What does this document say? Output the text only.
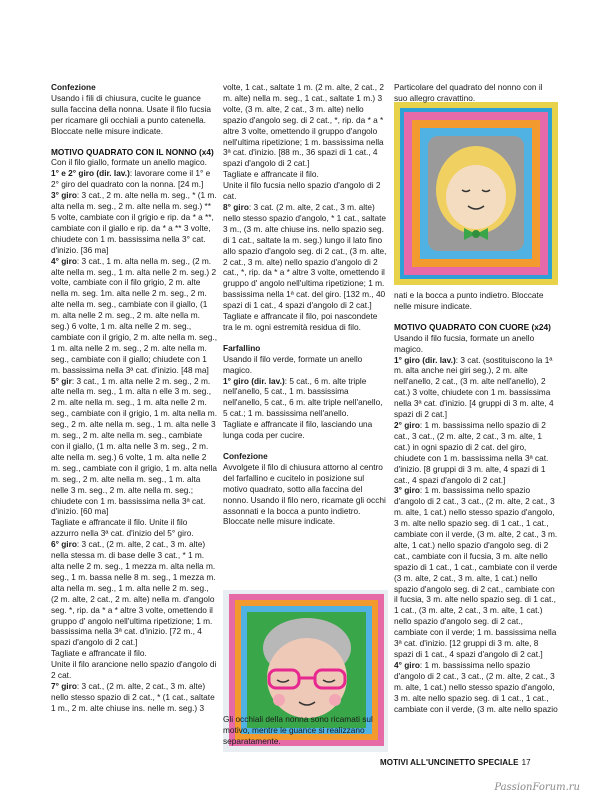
Confezione

Usando i fili di chiusura, cucite le guance sulla faccina della nonna. Usate il filo fucsia per ricamare gli occhiali a punto catenella. Bloccate nelle misure indicate.

MOTIVO QUADRATO CON IL NONNO (x4)

Con il filo giallo, formate un anello magico.

1° e 2° giro (dir. lav.): lavorare come il 1° e 2° giro del quadrato con la nonna. [24 m.]

3° giro: 3 cat., 2 m. alte nella m. seg., * (1 m. alta nella m. seg., 2 m. alte nella m. seg.) ** 5 volte, cambiate con il grigio e rip. da * a **, cambiate con il giallo e rip. da * a ** 3 volte, chiudete con 1 m. bassissima nella 3° cat. d'inizio. [36 ma]

4° giro: 3 cat., 1 m. alta nella m. seg., (2 m. alte nella m. seg., 1 m. alta nelle 2 m. seg.) 2 volte, cambiate con il filo grigio, 2 m. alte nella m. seg. 1m. alta nelle 2 m. seg., 2 m. alte nella m. seg., cambiate con il giallo, (1 m. alta nelle 2 m. seg., 2 m. alte nella m. seg.) 6 volte, 1 m. alta nelle 2 m. seg., cambiate con il grigio, 2 m. alte nella m. seg., 1 m. alta nelle 2 m. seg., 2 m. alte nella m. seg., cambiate con il giallo; chiudete con 1 m. bassissima nella 3ª cat. d'inizio. [48 ma]

5° gir: 3 cat., 1 m. alta nelle 2 m. seg., 2 m. alte nella m. seg., 1 m. alta n elle 3 m. seg., 2 m. alte nella m. seg., 1 m. alta nelle 2 m. seg., cambiate con il grigio, 1 m. alta nella m. seg., 2 m. alte nella m. seg., 1 m. alta nelle 3 m. seg., 2 m. alte nella m. seg., cambiate con il giallo, (1 m. alta nelle 3 m. seg., 2 m. alte nella m. seg.) 6 volte, 1 m. alta nelle 2 m. seg., cambiate con il grigio, 1 m. alta nella m. seg., 2 m. alte nella m. seg., 1 m. alta nelle 3 m. seg., 2 m. alte nella m. seg.; chiudete con 1 m. bassissima nella 3ª cat. d'inizio. [60 ma]

Tagliate e affrancate il filo. Unite il filo azzurro nella 3ª cat. d'inizio del 5° giro.

6° giro: 3 cat., (2 m. alte, 2 cat., 3 m. alte) nella stessa m. di base delle 3 cat., * 1 m. alta nelle 2 m. seg., 1 mezza m. alta nella m. seg., 1 m. bassa nelle 8 m. seg., 1 mezza m. alta nella m. seg., 1 m. alta nelle 2 m. seg., (2 m. alte, 2 cat., 2 m. alte) nella m. d'angolo seg. *, rip. da * a * altre 3 volte, omettendo il gruppo d' angolo nell'ultima ripetizione; 1 m. bassissima nella 3ª cat. d'inizio. [72 m., 4 spazi d'angolo di 2 cat.]

Tagliate e affrancate il filo.

Unite il filo arancione nello spazio d'angolo di 2 cat.

7° giro: 3 cat., (2 m. alte, 2 cat., 3 m. alte) nello stesso spazio di 2 cat., * (1 cat., saltate 1 m., 2 m. alte chiuse ins. nelle m. seg.) 3

volte, 1 cat., saltate 1 m. (2 m. alte, 2 cat., 2 m. alte) nella m. seg., 1 cat., saltate 1 m.) 3 volte, (3 m. alte, 2 cat., 3 m. alte) nello spazio d'angolo seg. di 2 cat., *, rip. da * a * altre 3 volte, omettendo il gruppo d'angolo nell'ultima ripetizione; 1 m. bassissima nella 3ª cat. d'inizio. [88 m., 36 spazi di 1 cat., 4 spazi d'angolo di 2 cat.]

Tagliate e affrancate il filo.

Unite il filo fucsia nello spazio d'angolo di 2 cat.

8° giro: 3 cat. (2 m. alte, 2 cat., 3 m. alte) nello stesso spazio d'angolo, * 1 cat., saltate 3 m., (3 m. alte chiuse ins. nello spazio seg. di 1 cat., saltate la m. seg.) lungo il lato fino allo spazio d'angolo seg. di 2 cat., (3 m. alte, 2 cat., 3 m. alte) nello spazio d'angolo di 2 cat., *, rip. da * a * altre 3 volte, omettendo il gruppo d' angolo nell'ultima ripetizione; 1 m. bassissima nella 1ª cat. del giro. [132 m., 40 spazi di 1 cat., 4 spazi d'angolo di 2 cat.]

Tagliate e affrancate il filo, poi nascondete tra le m. ogni estremità residua di filo.

Farfallino

Usando il filo verde, formate un anello magico.

1° giro (dir. lav.): 5 cat., 6 m. alte triple nell'anello, 5 cat., 1 m. bassissima nell'anello, 5 cat., 6 m. alte triple nell'anello, 5 cat.; 1 m. bassissima nell'anello.

Tagliate e affrancate il filo, lasciando una lunga coda per cucire.

Confezione

Avvolgete il filo di chiusura attorno al centro del farfallino e cucitelo in posizione sul motivo quadrato, sotto alla faccina del nonno. Usando il filo nero, ricamate gli occhi assonnati e la bocca a punto indietro. Bloccate nelle misure indicate.

nati e la bocca a punto indietro. Bloccate nelle misure indicate.

MOTIVO QUADRATO CON CUORE (x24)

Usando il filo fucsia, formate un anello magico.

1° giro (dir. lav.): 3 cat. (sostituiscono la 1ª m. alta anche nei giri seg.), 2 m. alte nell'anello, 2 cat., (3 m. alte nell'anello), 2 cat.) 3 volte, chiudete con 1 m. bassissima nella 3ª cat. d'inizio. [4 gruppi di 3 m. alte, 4 spazi di 2 cat.]

2° giro: 1 m. bassissima nello spazio di 2 cat., 3 cat., (2 m. alte, 2 cat., 3 m. alte, 1 cat.) in ogni spazio di 2 cat. del giro, chiudete con 1 m. bassissima nella 3ª cat. d'inizio. [8 gruppi di 3 m. alte, 4 spazi di 1 cat., 4 spazi d'angolo di 2 cat.]

3° giro: 1 m. bassissima nello spazio d'angolo di 2 cat., 3 cat., (2 m. alte, 2 cat., 3 m. alte, 1 cat.) nello stesso spazio d'angolo, 3 m. alte nello spazio seg. di 1 cat., 1 cat., cambiate con il verde, (3 m. alte, 2 cat., 3 m. alte, 1 cat.) nello spazio d'angolo seg. di 2 cat., cambiate con il fucsia, 3 m. alte nello spazio di 1 cat., 1 cat., cambiate con il verde (3 m. alte, 2 cat., 3 m. alte, 1 cat.) nello spazio d'angolo seg. di 2 cat., cambiate con il fucsia, 3 m. alte nello spazio seg. di 1 cat., 1 cat., (3 m. alte, 2 cat., 3 m. alte, 1 cat.) nello spazio d'angolo seg. di 2 cat., cambiate con il verde; 1 m. bassissima nella 3ª cat. d'inizio. [12 gruppi di 3 m. alte, 8 spazi di 1 cat., 4 spazi d'angolo di 2 cat.]

4° giro: 1 m. bassissima nello spazio d'angolo di 2 cat., 3 cat., (2 m. alte, 2 cat., 3 m. alte, 1 cat.) nello stesso spazio d'angolo, 3 m. alte nello spazio seg. di 1 cat., 1 cat., cambiate con il verde, (3 m. alte nello spazio

Gli occhiali della nonna sono ricamati sul motivo, mentre le guance si realizzano separatamente.
Particolare del quadrato del nonno con il suo allegro cravattino.
MOTIVI ALL'UNCINETTO SPECIALE 17
PassionForum.ru
